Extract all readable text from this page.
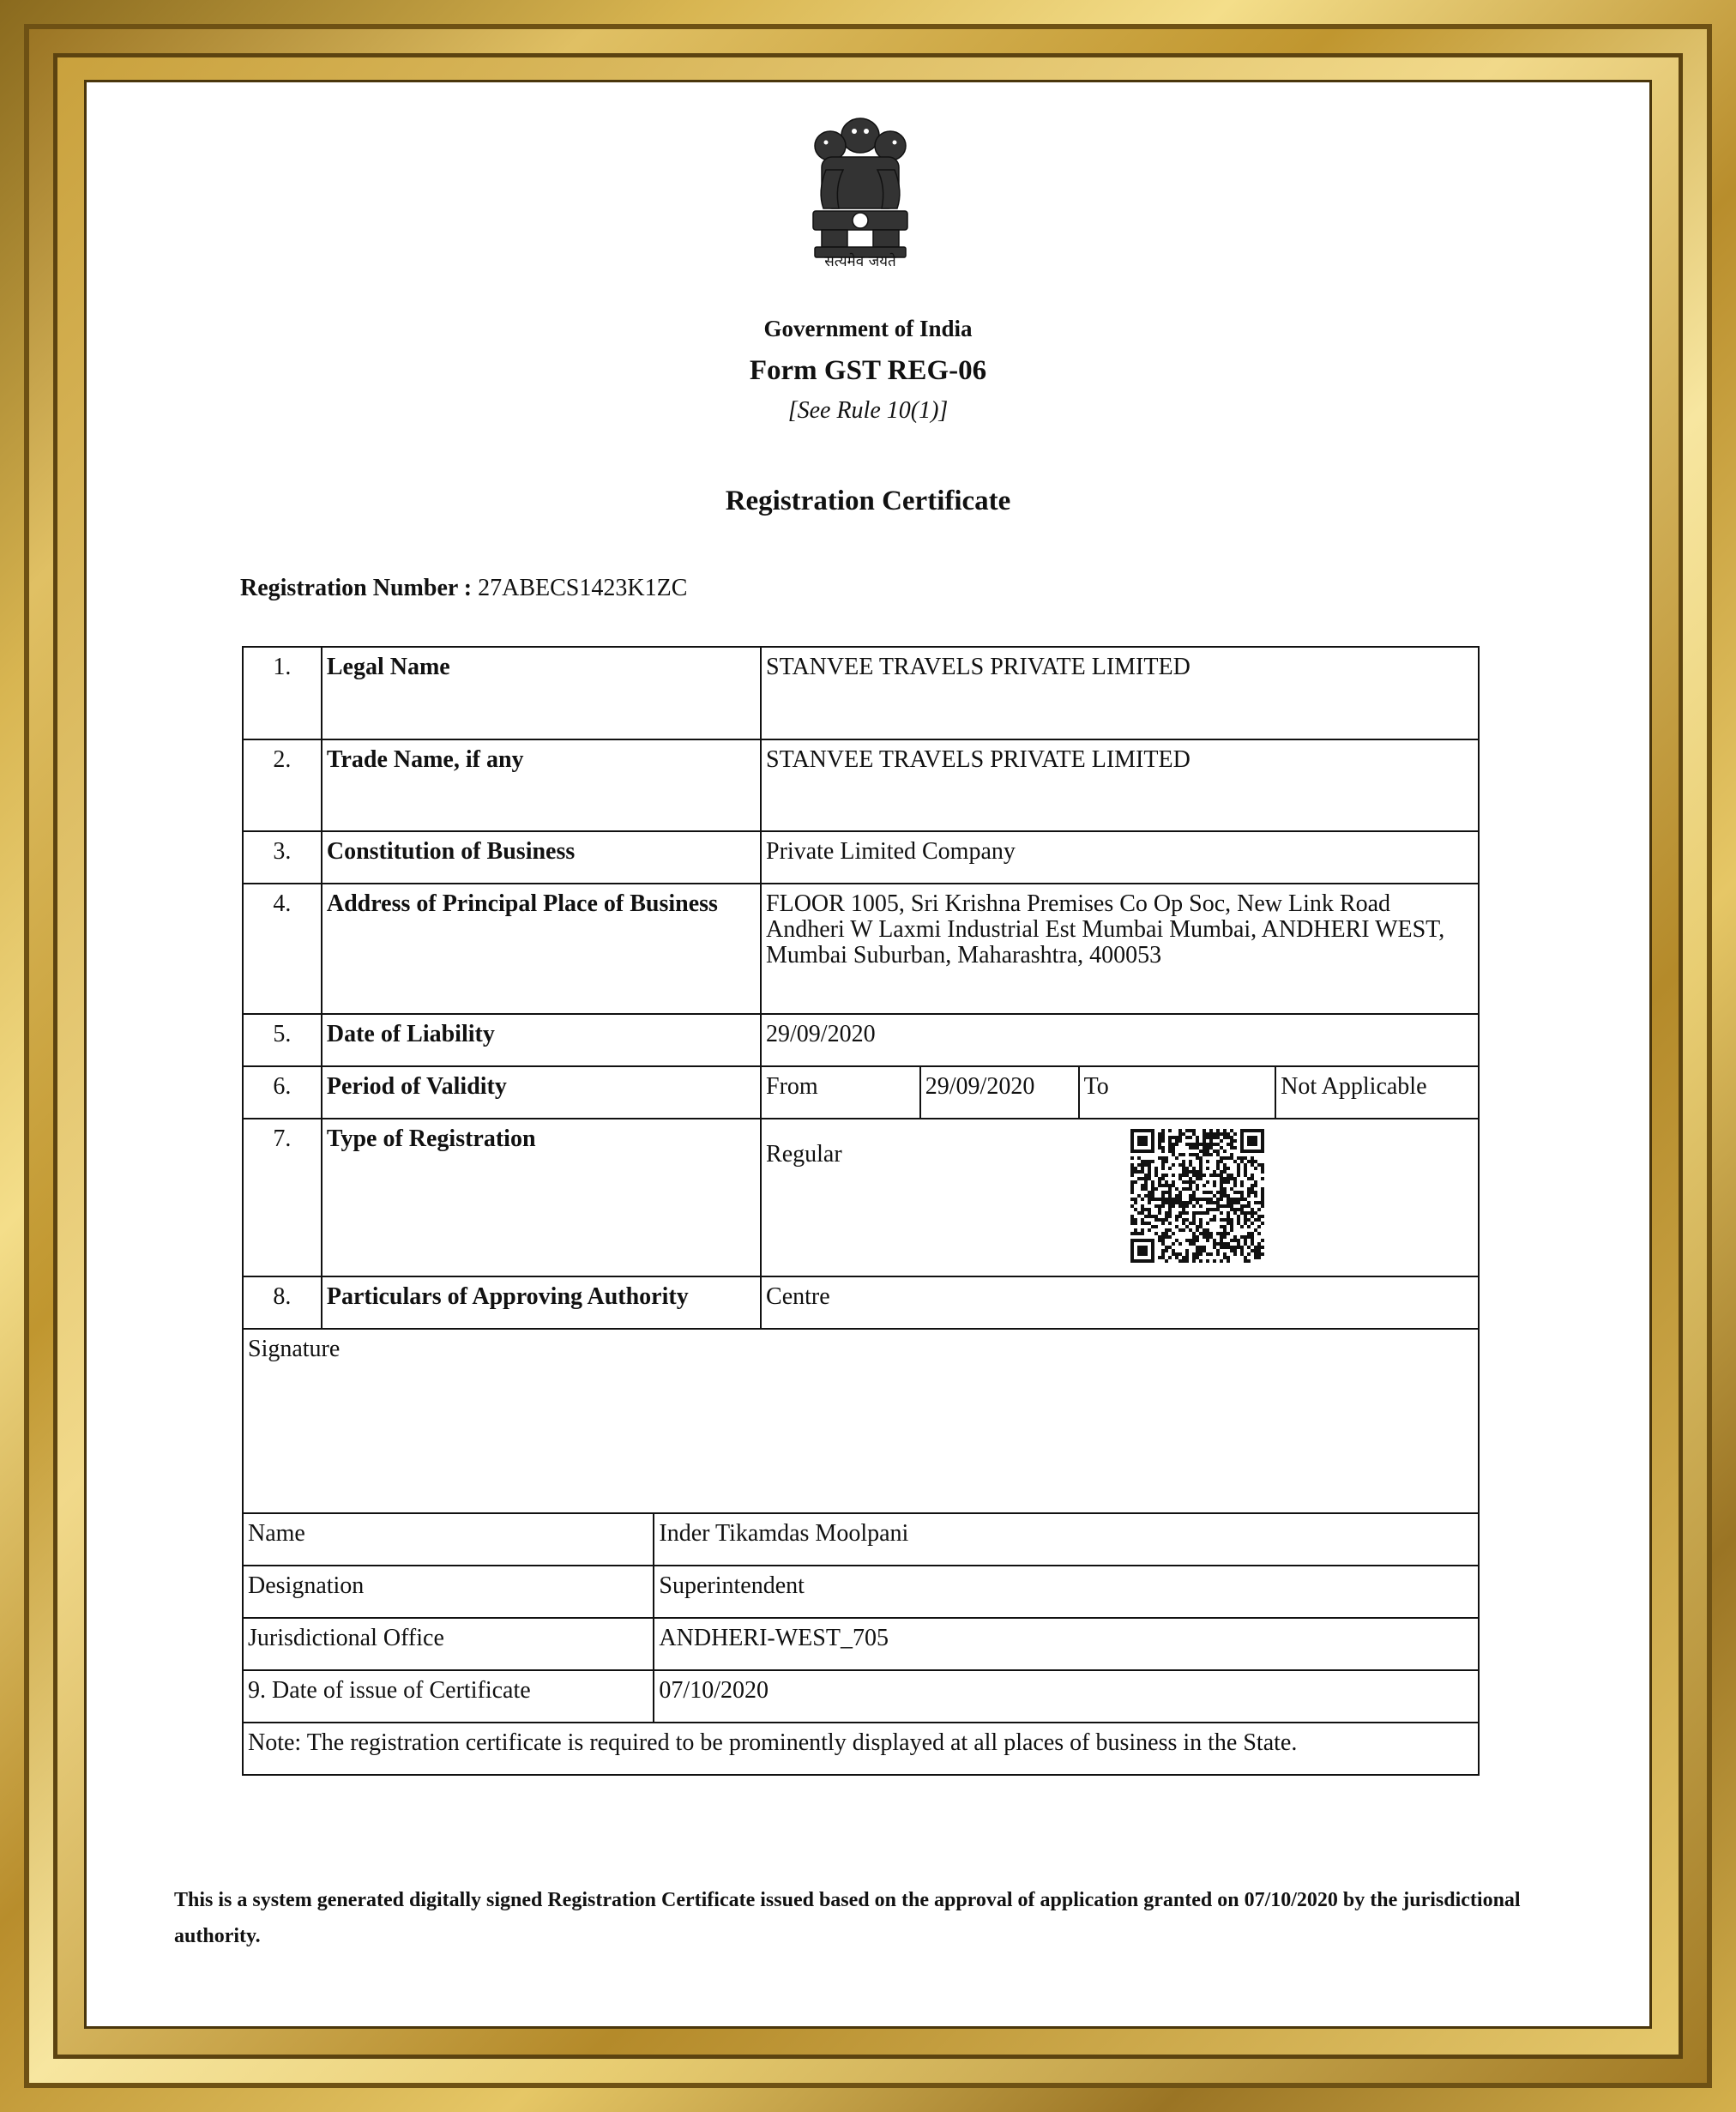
सत्यमेव जयते
Government of India
Form GST REG-06
[See Rule 10(1)]
Registration Certificate
Registration Number : 27ABECS1423K1ZC
1.	Legal Name	STANVEE TRAVELS PRIVATE LIMITED			
2.	Trade Name, if any	STANVEE TRAVELS PRIVATE LIMITED			
3.	Constitution of Business	Private Limited Company			
4.	Address of Principal Place of Business	FLOOR 1005, Sri Krishna Premises Co Op Soc, New Link Road Andheri W Laxmi Industrial Est Mumbai Mumbai, ANDHERI WEST, Mumbai Suburban, Maharashtra, 400053			
5.	Date of Liability	29/09/2020			
6.	Period of Validity	From	29/09/2020	To	Not Applicable
7.	Type of Registration	Regular			
8.	Particulars of Approving Authority	Centre			
Signature	
Name	Inder Tikamdas Moolpani
Designation	Superintendent
Jurisdictional Office	ANDHERI-WEST_705
9. Date of issue of Certificate	07/10/2020
Note: The registration certificate is required to be prominently displayed at all places of business in the State.	
This is a system generated digitally signed Registration Certificate issued based on the approval of application granted on 07/10/2020 by the jurisdictional authority.
